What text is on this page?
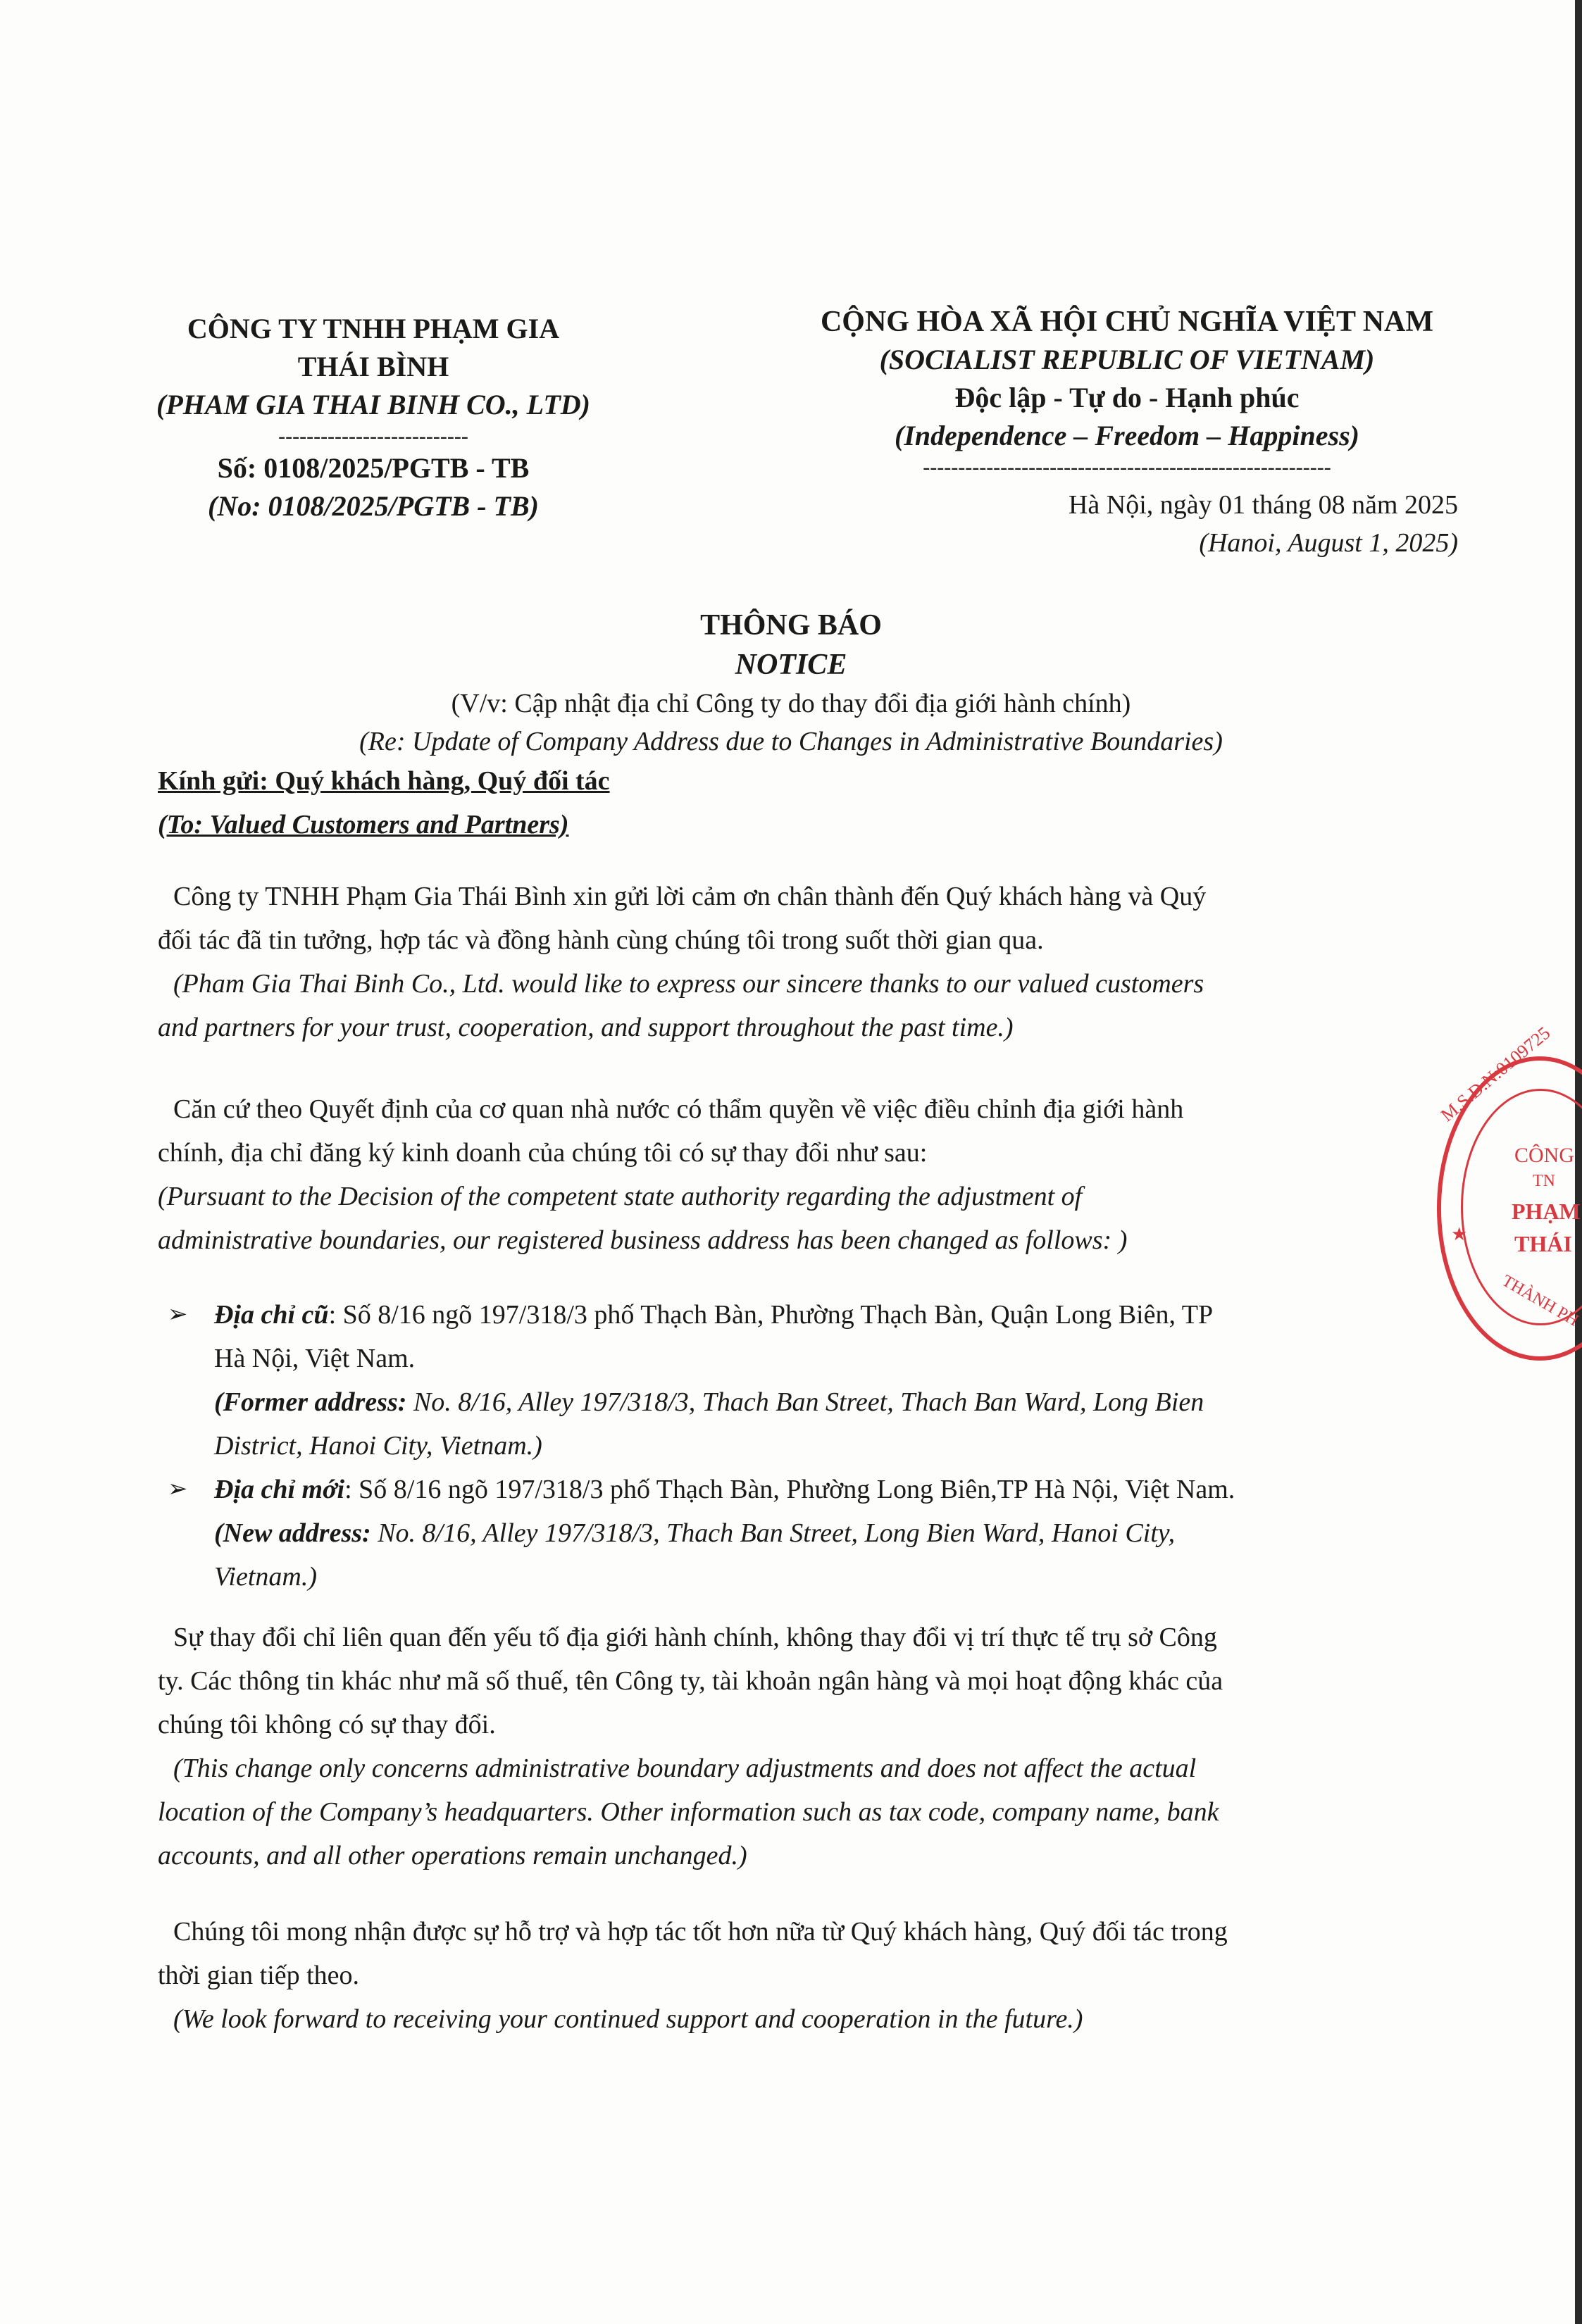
CÔNG TY TNHH PHẠM GIA
THÁI BÌNH
(PHAM GIA THAI BINH CO., LTD)
---------------------------
Số: 0108/2025/PGTB - TB
(No: 0108/2025/PGTB - TB)
CỘNG HÒA XÃ HỘI CHỦ NGHĨA VIỆT NAM
(SOCIALIST REPUBLIC OF VIETNAM)
Độc lập - Tự do - Hạnh phúc
(Independence – Freedom – Happiness)
----------------------------------------------------------
Hà Nội, ngày 01 tháng 08 năm 2025
(Hanoi, August 1, 2025)
THÔNG BÁO
NOTICE
(V/v: Cập nhật địa chỉ Công ty do thay đổi địa giới hành chính)
(Re: Update of Company Address due to Changes in Administrative Boundaries)
Kính gửi: Quý khách hàng, Quý đối tác
(To: Valued Customers and Partners)

Công ty TNHH Phạm Gia Thái Bình xin gửi lời cảm ơn chân thành đến Quý khách hàng và Quý

đối tác đã tin tưởng, hợp tác và đồng hành cùng chúng tôi trong suốt thời gian qua.

(Pham Gia Thai Binh Co., Ltd. would like to express our sincere thanks to our valued customers

and partners for your trust, cooperation, and support throughout the past time.)

Căn cứ theo Quyết định của cơ quan nhà nước có thẩm quyền về việc điều chỉnh địa giới hành

chính, địa chỉ đăng ký kinh doanh của chúng tôi có sự thay đổi như sau:

(Pursuant to the Decision of the competent state authority regarding the adjustment of

administrative boundaries, our registered business address has been changed as follows: )

➢ Địa chỉ cũ: Số 8/16 ngõ 197/318/3 phố Thạch Bàn, Phường Thạch Bàn, Quận Long Biên, TP
Hà Nội, Việt Nam.
(Former address: No. 8/16, Alley 197/318/3, Thach Ban Street, Thach Ban Ward, Long Bien
District, Hanoi City, Vietnam.)
➢ Địa chỉ mới: Số 8/16 ngõ 197/318/3 phố Thạch Bàn, Phường Long Biên,TP Hà Nội, Việt Nam.
(New address: No. 8/16, Alley 197/318/3, Thach Ban Street, Long Bien Ward, Hanoi City,
Vietnam.)

Sự thay đổi chỉ liên quan đến yếu tố địa giới hành chính, không thay đổi vị trí thực tế trụ sở Công

ty. Các thông tin khác như mã số thuế, tên Công ty, tài khoản ngân hàng và mọi hoạt động khác của

chúng tôi không có sự thay đổi.

(This change only concerns administrative boundary adjustments and does not affect the actual

location of the Company’s headquarters. Other information such as tax code, company name, bank

accounts, and all other operations remain unchanged.)

Chúng tôi mong nhận được sự hỗ trợ và hợp tác tốt hơn nữa từ Quý khách hàng, Quý đối tác trong

thời gian tiếp theo.

(We look forward to receiving your continued support and cooperation in the future.)

M.S.D.N:0109725
CÔNG
TN
PHẠM
THÁI
THÀNH PH
★
